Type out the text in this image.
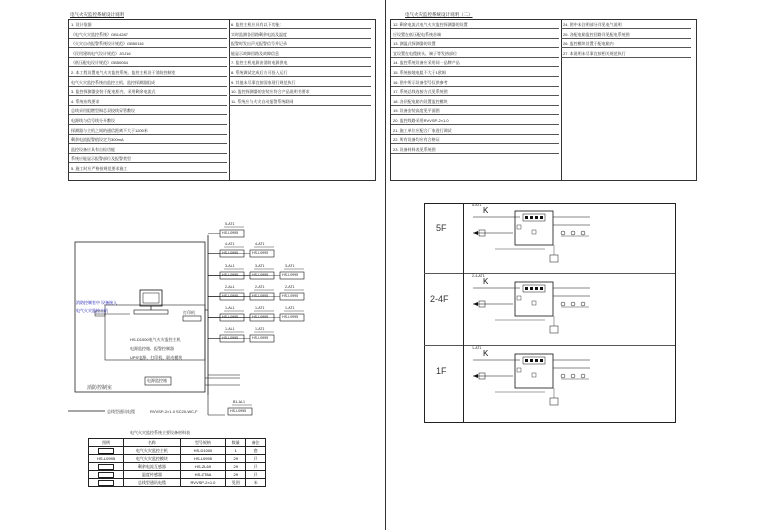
电气火灾监控系统设计说明
1. 设计依据
《电气火灾监控系统》GB14287
《火灾自动报警系统设计规范》GB50116
《民用建筑电气设计规范》JGJ16
《低压配电设计规范》GB50054
2. 本工程设置电气火灾监控系统，监控主机设于消防控制室
电气火灾监控系统由监控主机、监控探测器组成
3. 监控探测器安装于配电柜内，采用剩余电流式
4. 系统布线要求
总线采用阻燃型铜芯双绞线穿管敷设
电源线与信号线分开敷设
探测器与主机之间的通信距离不大于1200米
剩余电流报警值设定为300mA
监控设备应具有自检功能
系统应能显示报警部位及报警类型
5. 施工时应严格按规范要求施工
6. 监控主机应具有以下功能：
实时监测各回路剩余电流及温度
报警时发出声光报警信号并记录
能显示故障回路及故障信息
7. 监控主机电源由消防电源供电
8. 系统调试完成后方可投入运行
9. 其他未尽事宜按国家现行规范执行
10. 监控探测器的安装应符合产品说明书要求
11. 系统应与火灾自动报警系统联网
电气火灾监控系统设计说明（二）
12. 剩余电流式电气火灾监控探测器的设置
应设置在低压配电系统首端
13. 测温式探测器的设置
宜设置在电缆接头、端子等发热部位
14. 监控系统设备应采用同一品牌产品
15. 系统接地电阻不大于1欧姆
16. 图中所示设备型号仅供参考
17. 系统总线连接方式见系统图
18. 各层配电箱内设置监控模块
19. 设备安装高度见平面图
20. 监控线路采用RVVSP-2×1.0
21. 施工单位应配合厂家进行调试
22. 所有设备均应有合格证
23. 设备材料表见系统图
24. 图中未注明部分详见电气说明
25. 各配电箱监控回路详见配电系统图
26. 监控模块设置于配电箱内
27. 本说明未尽事宜按相关规范执行
HS-D1000电气火灾监控主机
电源监控箱、报警控制器
UPS电源、打印机、联动模块
打印机
消防控制室中 设备接入
电气火灾监控主机
电源监控箱
消防控制室
总线型通讯电缆	RVVSP-2×1.0 SC20-WC,F
5-AT1
HS-L0995
4-AT1
HS-L0995
4-AT1
HS-L0995
3-AL1
HS-L0995
3-AT1
HS-L0995
3-AT1
HS-L0995
2-AL1
HS-L0995
2-AT1
HS-L0995
2-AT1
HS-L0995
1-AL1
HS-L0995
1-AT1
HS-L0995
1-AT1
HS-L0995
1-AL1
HS-L0995
1-AT1
HS-L0995
B1-AL1
HS-L0995
电气火灾监控系统主要设备材料表
图例	名称	型号规格	数量	备注
	电气火灾监控主机	HS-D1000	1	套
HS-L0995	电气火灾监控模块	HS-L0995	29	只
	剩余电流互感器	HS-ZL69	29	只
	温度传感器	HS-ZT8A	29	只
	总线型通讯电缆	RVVSP-2×1.0	见图	米
5F
K
5-AT1
2-4F
K
2-4-AT1
1F
K
1-AT1
